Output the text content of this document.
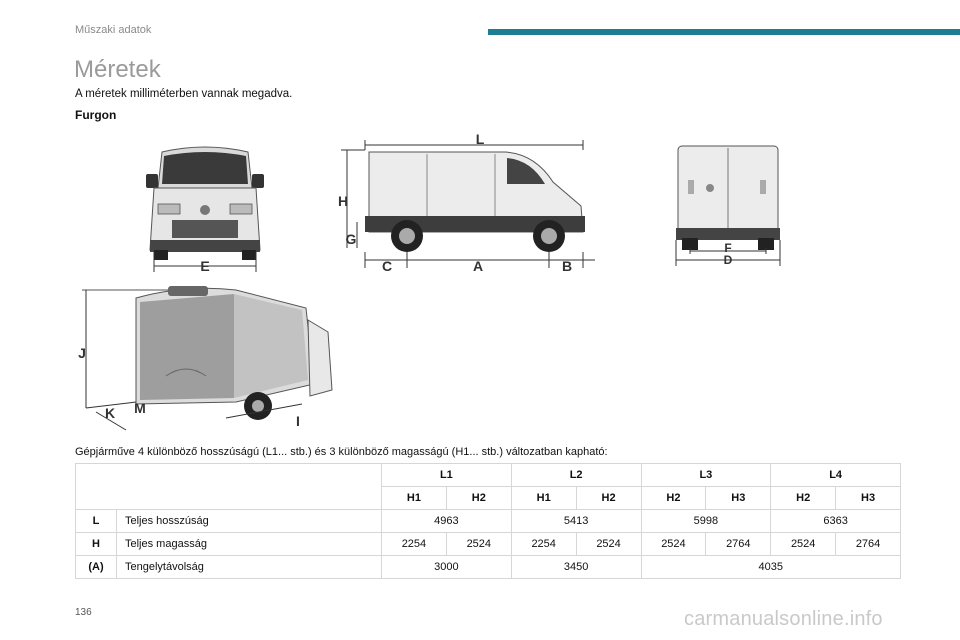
Műszaki adatok
Méretek
A méretek milliméterben vannak megadva.
Furgon
E
L
H
G
C	A	B
F
D
J
K M
I
Gépjárműve 4 különböző hosszúságú (L1... stb.) és 3 különböző magasságú (H1... stb.) változatban kapható:
		L1		L2		L3		L4	
		H1	H2	H1	H2	H2	H3	H2	H3
L	Teljes hosszúság	4963		5413		5998		6363	
H	Teljes magasság	2254	2524	2254	2524	2524	2764	2524	2764
(A)	Tengelytávolság	3000		3450		4035			
136	carmanualsonline.info
